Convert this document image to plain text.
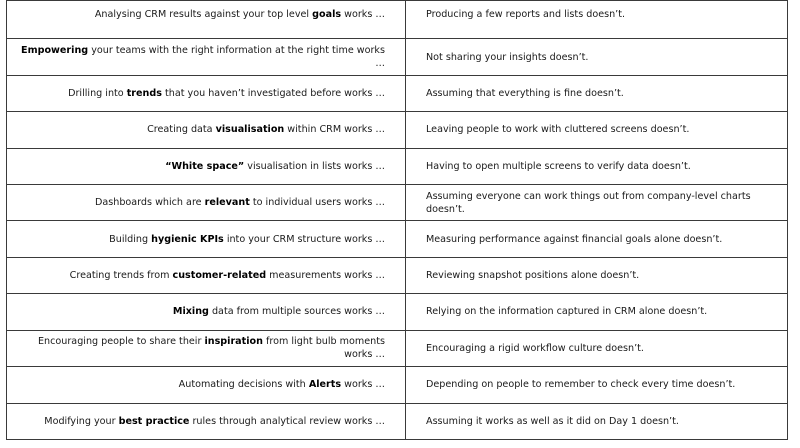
Analysing CRM results against your top level goals works …	Producing a few reports and lists doesn’t.
Empowering your teams with the right information at the right time works …	Not sharing your insights doesn’t.
Drilling into trends that you haven’t investigated before works …	Assuming that everything is fine doesn’t.
Creating data visualisation within CRM works …	Leaving people to work with cluttered screens doesn’t.
“White space” visualisation in lists works …	Having to open multiple screens to verify data doesn’t.
Dashboards which are relevant to individual users works …	Assuming everyone can work things out from company-level charts doesn’t.
Building hygienic KPIs into your CRM structure works …	Measuring performance against financial goals alone doesn’t.
Creating trends from customer-related measurements works …	Reviewing snapshot positions alone doesn’t.
Mixing data from multiple sources works …	Relying on the information captured in CRM alone doesn’t.
Encouraging people to share their inspiration from light bulb moments works …	Encouraging a rigid workflow culture doesn’t.
Automating decisions with Alerts works …	Depending on people to remember to check every time doesn’t.
Modifying your best practice rules through analytical review works …	Assuming it works as well as it did on Day 1 doesn’t.
